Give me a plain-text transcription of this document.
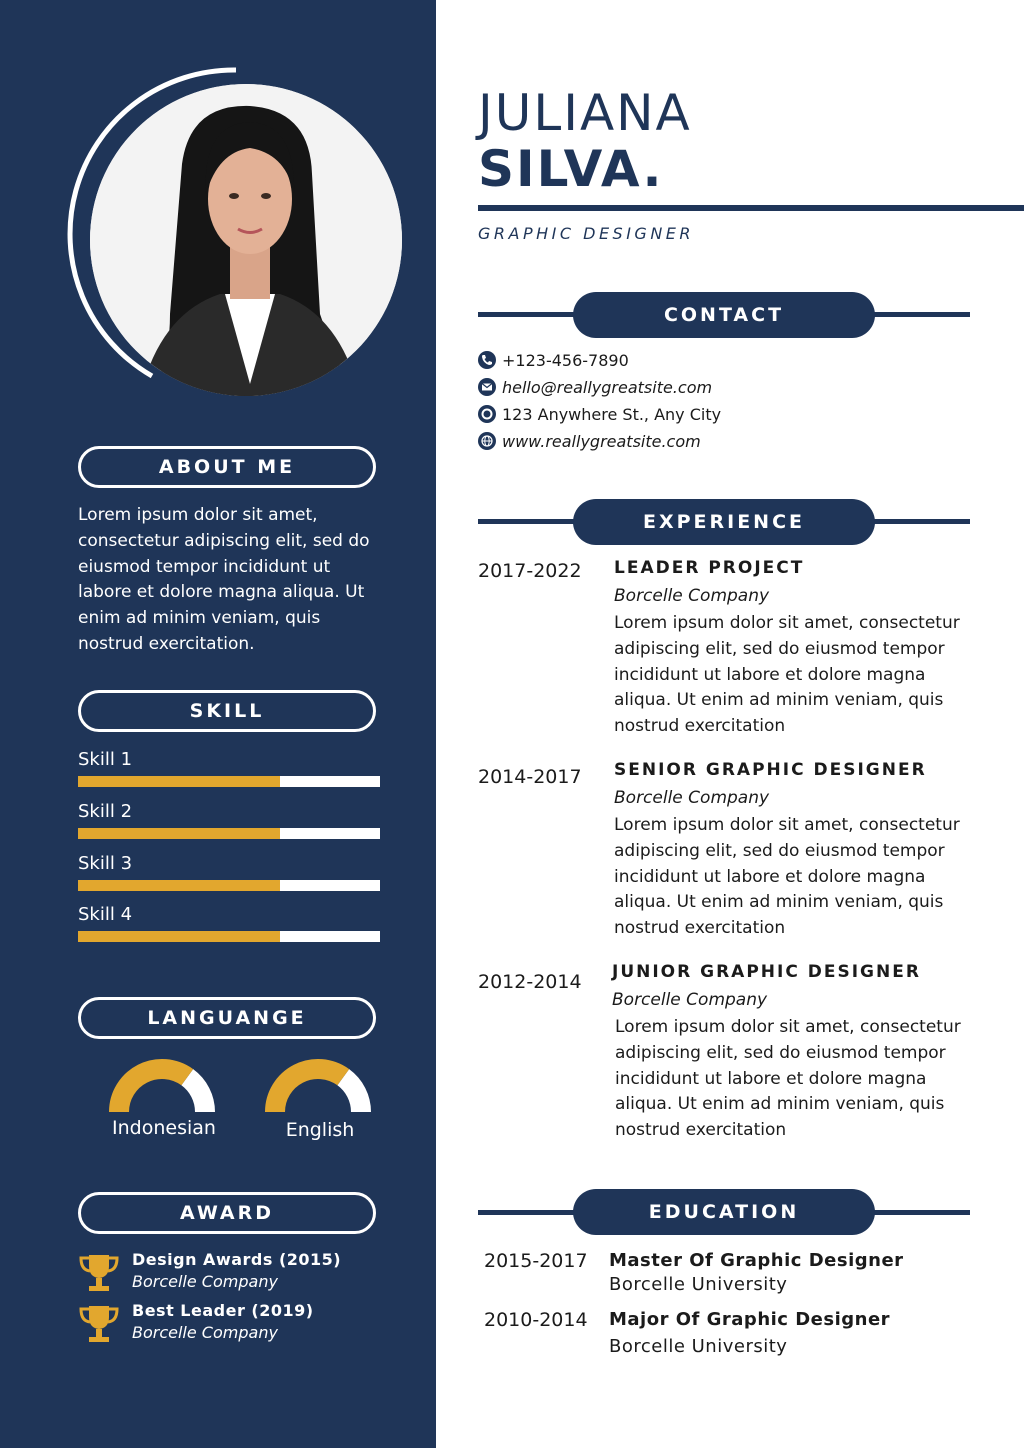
ABOUT ME
Lorem ipsum dolor sit amet, consectetur adipiscing elit, sed do eiusmod tempor incididunt ut labore et dolore magna aliqua. Ut enim ad minim veniam, quis nostrud exercitation.
SKILL
Skill 1
Skill 2
Skill 3
Skill 4
LANGUANGE
Indonesian	English
AWARD
Design Awards (2015)
Borcelle Company
Best Leader (2019)
Borcelle Company
JULIANA
SILVA.
GRAPHIC DESIGNER
CONTACT
+123-456-7890
hello@reallygreatsite.com
123 Anywhere St., Any City
www.reallygreatsite.com
EXPERIENCE
2017-2022 LEADER PROJECT
Borcelle Company
Lorem ipsum dolor sit amet, consectetur adipiscing elit, sed do eiusmod tempor incididunt ut labore et dolore magna aliqua. Ut enim ad minim veniam, quis nostrud exercitation
2014-2017 SENIOR GRAPHIC DESIGNER
Borcelle Company
Lorem ipsum dolor sit amet, consectetur adipiscing elit, sed do eiusmod tempor incididunt ut labore et dolore magna aliqua. Ut enim ad minim veniam, quis nostrud exercitation
2012-2014 JUNIOR GRAPHIC DESIGNER
Borcelle Company
Lorem ipsum dolor sit amet, consectetur adipiscing elit, sed do eiusmod tempor incididunt ut labore et dolore magna aliqua. Ut enim ad minim veniam, quis nostrud exercitation
EDUCATION
2015-2017 Master Of Graphic Designer
Borcelle University
2010-2014 Major Of Graphic Designer
Borcelle University
